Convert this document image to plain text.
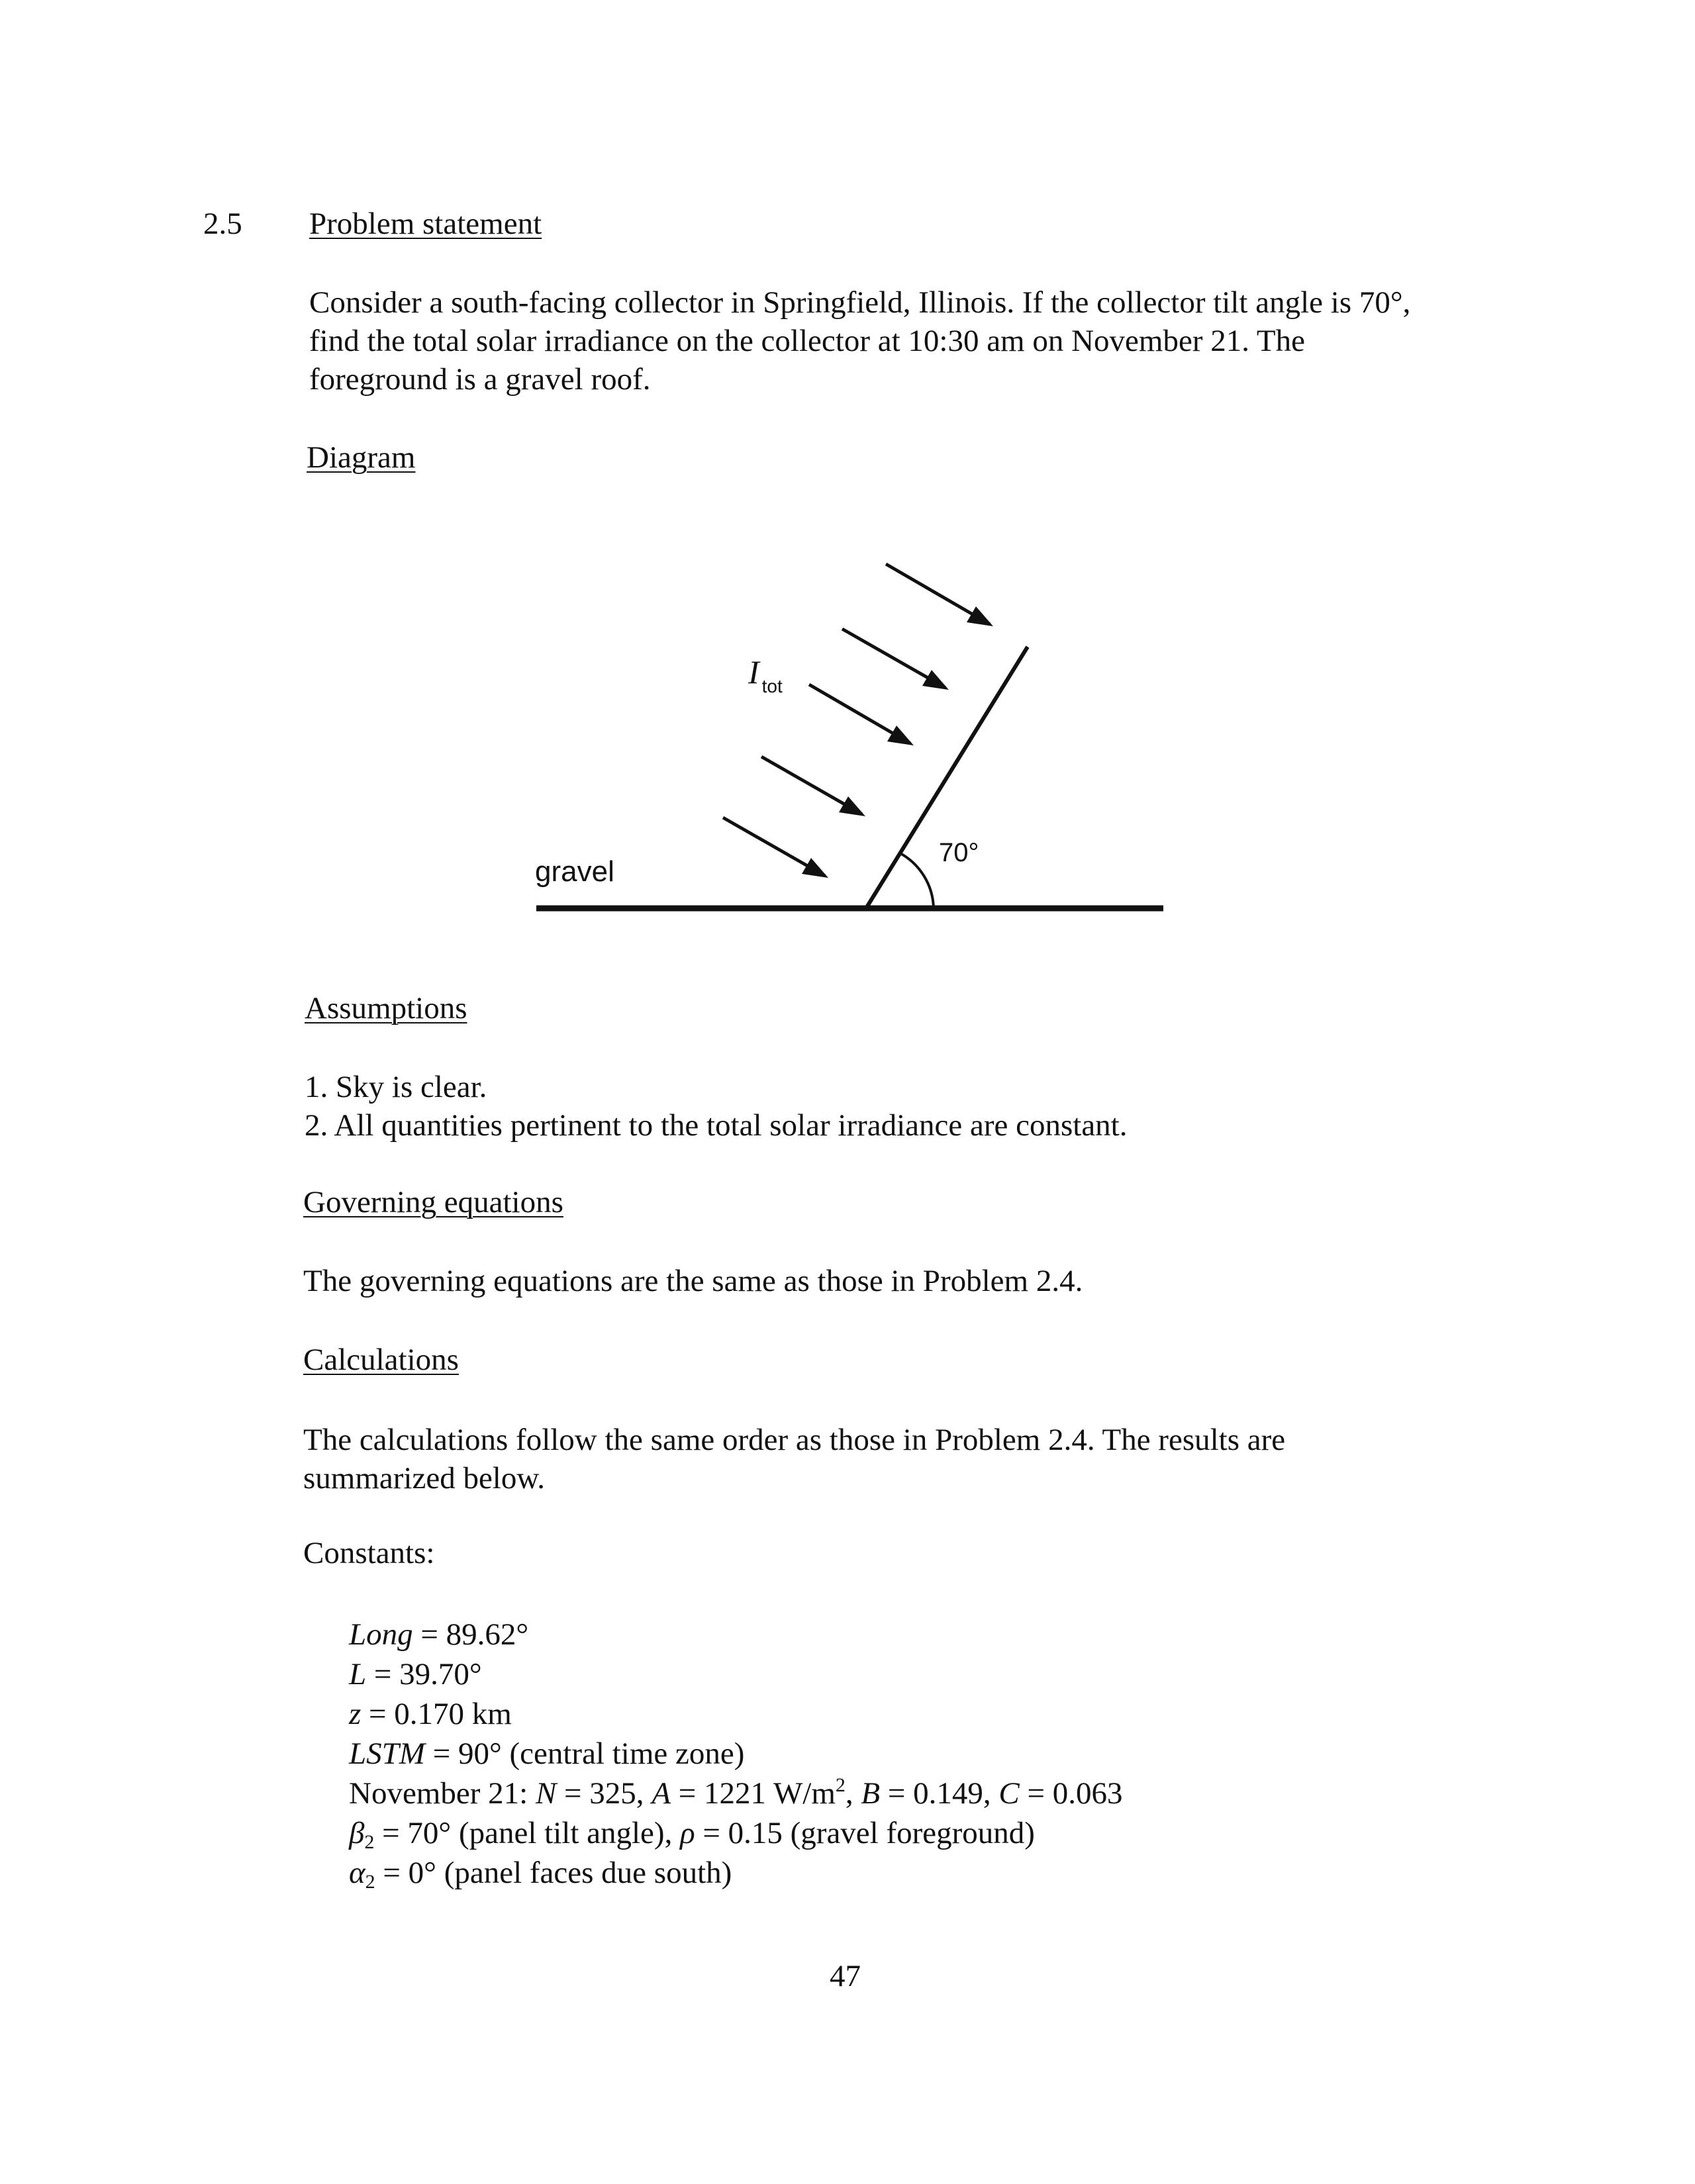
2.5 Problem statement
Consider a south-facing collector in Springfield, Illinois. If the collector tilt angle is 70°,
find the total solar irradiance on the collector at 10:30 am on November 21. The
foreground is a gravel roof.
Diagram
I $_{tot}$
gravel
70°
Assumptions
1. Sky is clear.
2. All quantities pertinent to the total solar irradiance are constant.
Governing equations
The governing equations are the same as those in Problem 2.4.
Calculations
The calculations follow the same order as those in Problem 2.4. The results are
summarized below.
Constants:
Long = 89.62°
L = 39.70°
z = 0.170 km
LSTM = 90° (central time zone)
November 21: N = 325, A = 1221 $W/m^2$, B = 0.149, C = 0.063
$\beta_2 = 70^\circ$ (panel tilt angle), ρ = 0.15 (gravel foreground)
$\alpha_2 = 0^\circ$ (panel faces due south)
47
